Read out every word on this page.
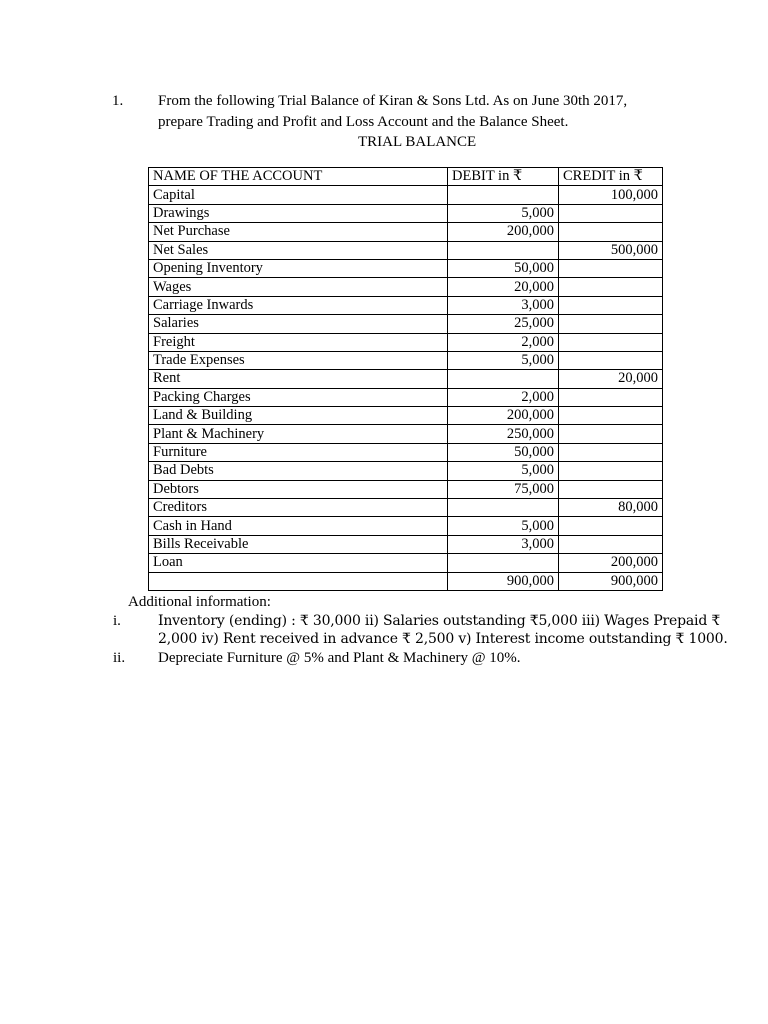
1. From the following Trial Balance of Kiran & Sons Ltd. As on June 30th 2017,
prepare Trading and Profit and Loss Account and the Balance Sheet.
TRIAL BALANCE
NAME OF THE ACCOUNT	DEBIT in ₹	CREDIT in ₹
Capital		100,000
Drawings	5,000	
Net Purchase	200,000	
Net Sales		500,000
Opening Inventory	50,000	
Wages	20,000	
Carriage Inwards	3,000	
Salaries	25,000	
Freight	2,000	
Trade Expenses	5,000	
Rent		20,000
Packing Charges	2,000	
Land & Building	200,000	
Plant & Machinery	250,000	
Furniture	50,000	
Bad Debts	5,000	
Debtors	75,000	
Creditors		80,000
Cash in Hand	5,000	
Bills Receivable	3,000	
Loan		200,000
	900,000	900,000
Additional information:
i.	Inventory (ending) : ₹ 30,000 ii) Salaries outstanding ₹5,000 iii) Wages Prepaid ₹
2,000 iv) Rent received in advance ₹ 2,500 v) Interest income outstanding ₹ 1000.
ii. Depreciate Furniture @ 5% and Plant & Machinery @ 10%.
